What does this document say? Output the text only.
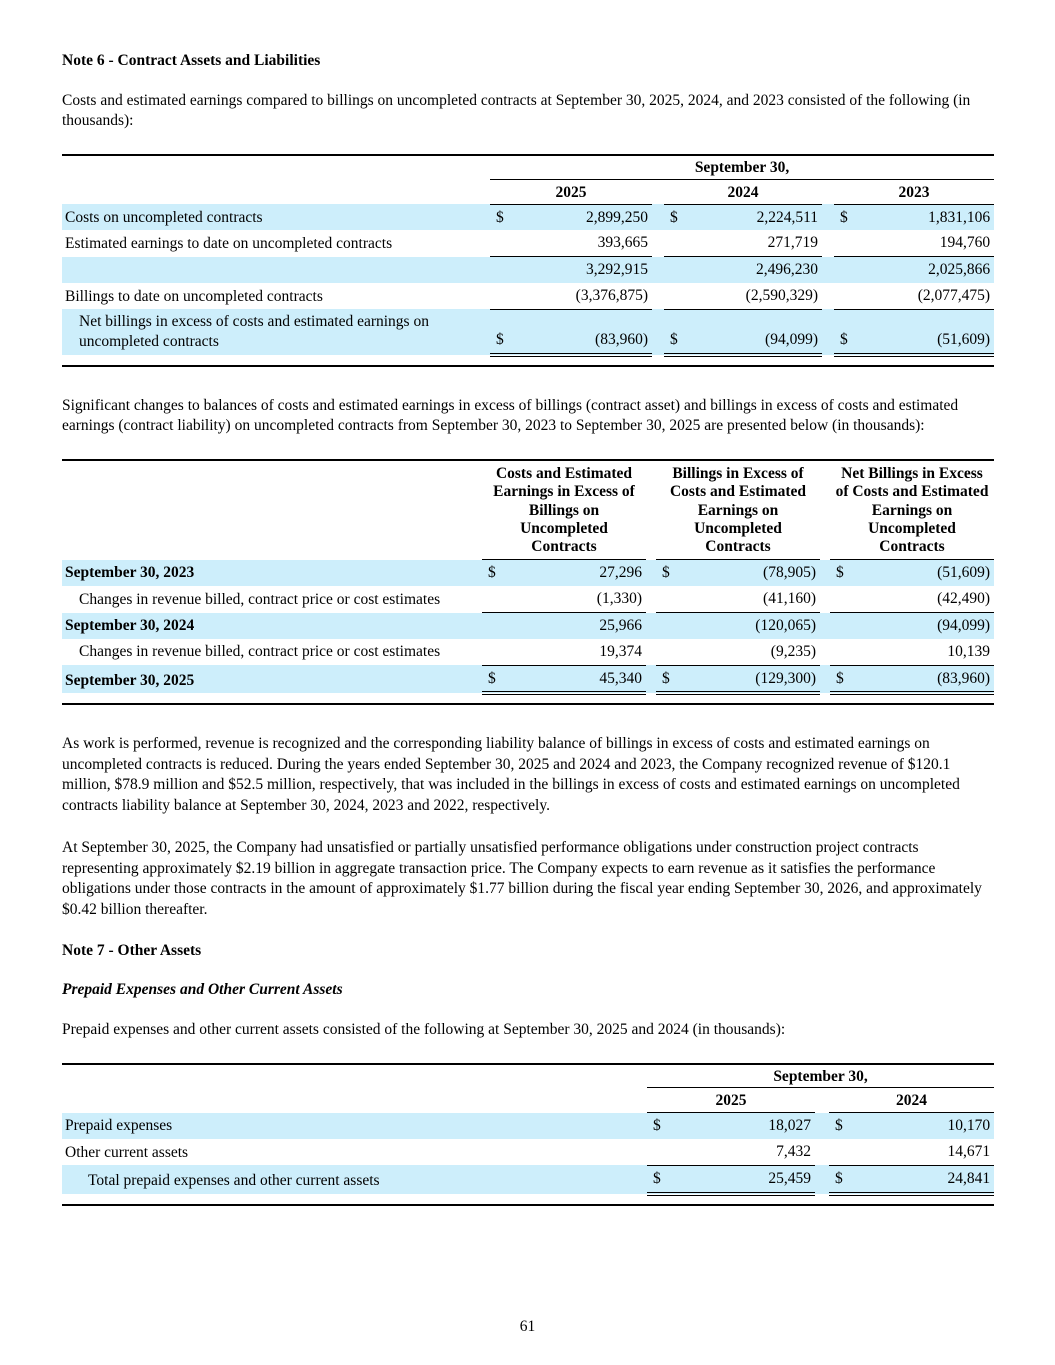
Note 6 - Contract Assets and Liabilities
Costs and estimated earnings compared to billings on uncompleted contracts at September 30, 2025, 2024, and 2023 consisted of the following (in thousands):
	September 30,							
	2025			2024			2023	
Costs on uncompleted contracts	$	2,899,250		$	2,224,511		$	1,831,106
Estimated earnings to date on uncompleted contracts		393,665			271,719			194,760
		3,292,915			2,496,230			2,025,866
Billings to date on uncompleted contracts		(3,376,875)			(2,590,329)			(2,077,475)
Net billings in excess of costs and estimated earnings on uncompleted contracts	$	(83,960)		$	(94,099)		$	(51,609)
Significant changes to balances of costs and estimated earnings in excess of billings (contract asset) and billings in excess of costs and estimated earnings (contract liability) on uncompleted contracts from September 30, 2023 to September 30, 2025 are presented below (in thousands):
	Costs and Estimated Earnings in Excess of Billings on Uncompleted Contracts			Billings in Excess of Costs and Estimated Earnings on Uncompleted Contracts			Net Billings in Excess of Costs and Estimated Earnings on Uncompleted Contracts	
September 30, 2023	$	27,296		$	(78,905)		$	(51,609)
Changes in revenue billed, contract price or cost estimates		(1,330)			(41,160)			(42,490)
September 30, 2024		25,966			(120,065)			(94,099)
Changes in revenue billed, contract price or cost estimates		19,374			(9,235)			10,139
September 30, 2025	$	45,340		$	(129,300)		$	(83,960)
As work is performed, revenue is recognized and the corresponding liability balance of billings in excess of costs and estimated earnings on uncompleted contracts is reduced. During the years ended September 30, 2025 and 2024 and 2023, the Company recognized revenue of $120.1 million, $78.9 million and $52.5 million, respectively, that was included in the billings in excess of costs and estimated earnings on uncompleted contracts liability balance at September 30, 2024, 2023 and 2022, respectively.
At September 30, 2025, the Company had unsatisfied or partially unsatisfied performance obligations under construction project contracts representing approximately $2.19 billion in aggregate transaction price. The Company expects to earn revenue as it satisfies the performance obligations under those contracts in the amount of approximately $1.77 billion during the fiscal year ending September 30, 2026, and approximately $0.42 billion thereafter.
Note 7 - Other Assets
Prepaid Expenses and Other Current Assets
Prepaid expenses and other current assets consisted of the following at September 30, 2025 and 2024 (in thousands):
	September 30,				
	2025			2024	
Prepaid expenses	$	18,027		$	10,170
Other current assets		7,432			14,671
Total prepaid expenses and other current assets	$	25,459		$	24,841
61
